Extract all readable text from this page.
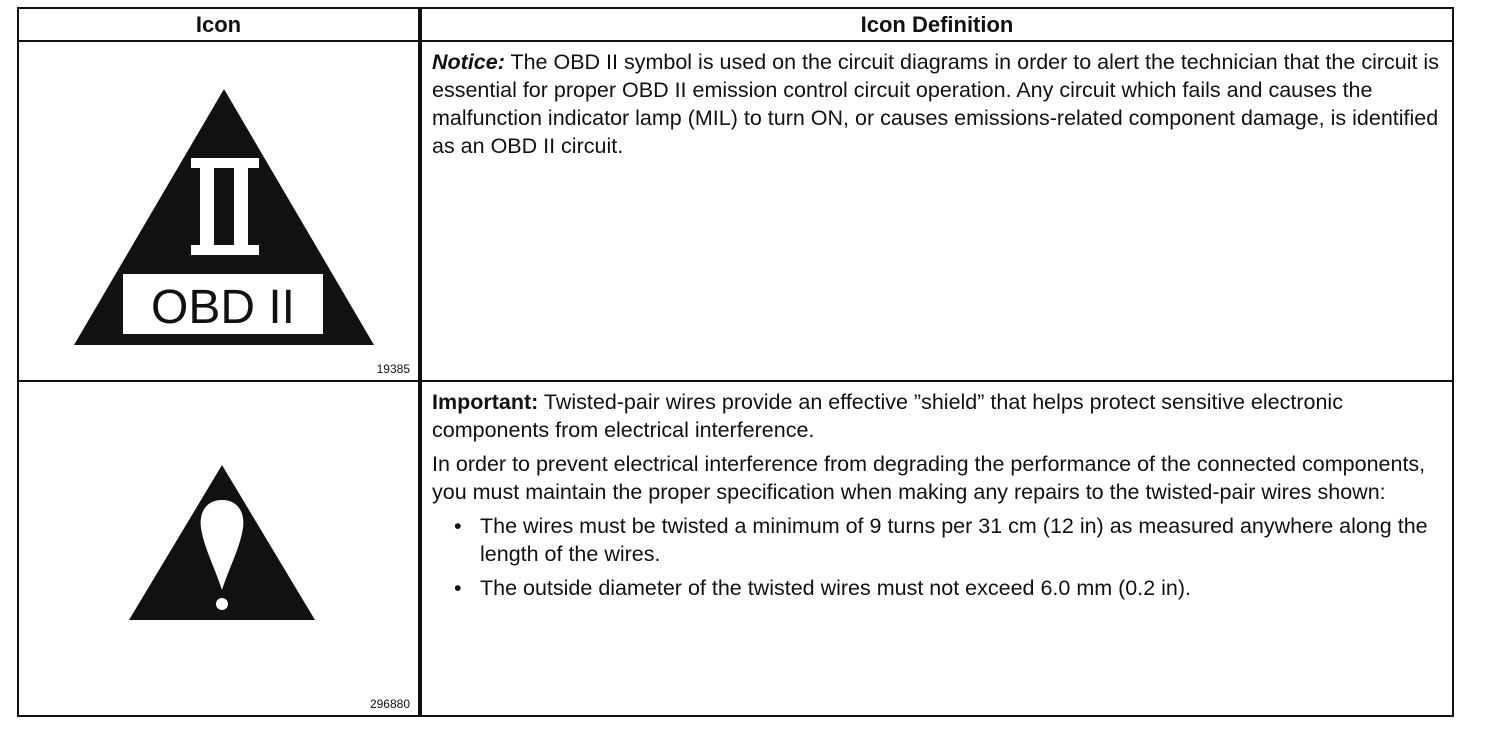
Icon	Icon Definition
OBD II
19385

Notice: The OBD II symbol is used on the circuit diagrams in order to alert the technician that the circuit is essential for proper OBD II emission control circuit operation. Any circuit which fails and causes the malfunction indicator lamp (MIL) to turn ON, or causes emissions-related component damage, is identified as an OBD II circuit.

296880

Important: Twisted-pair wires provide an effective ”shield” that helps protect sensitive electronic components from electrical interference.

In order to prevent electrical interference from degrading the performance of the connected components, you must maintain the proper specification when making any repairs to the twisted-pair wires shown:

• The wires must be twisted a minimum of 9 turns per 31 cm (12 in) as measured anywhere along the length of the wires.
• The outside diameter of the twisted wires must not exceed 6.0 mm (0.2 in).
